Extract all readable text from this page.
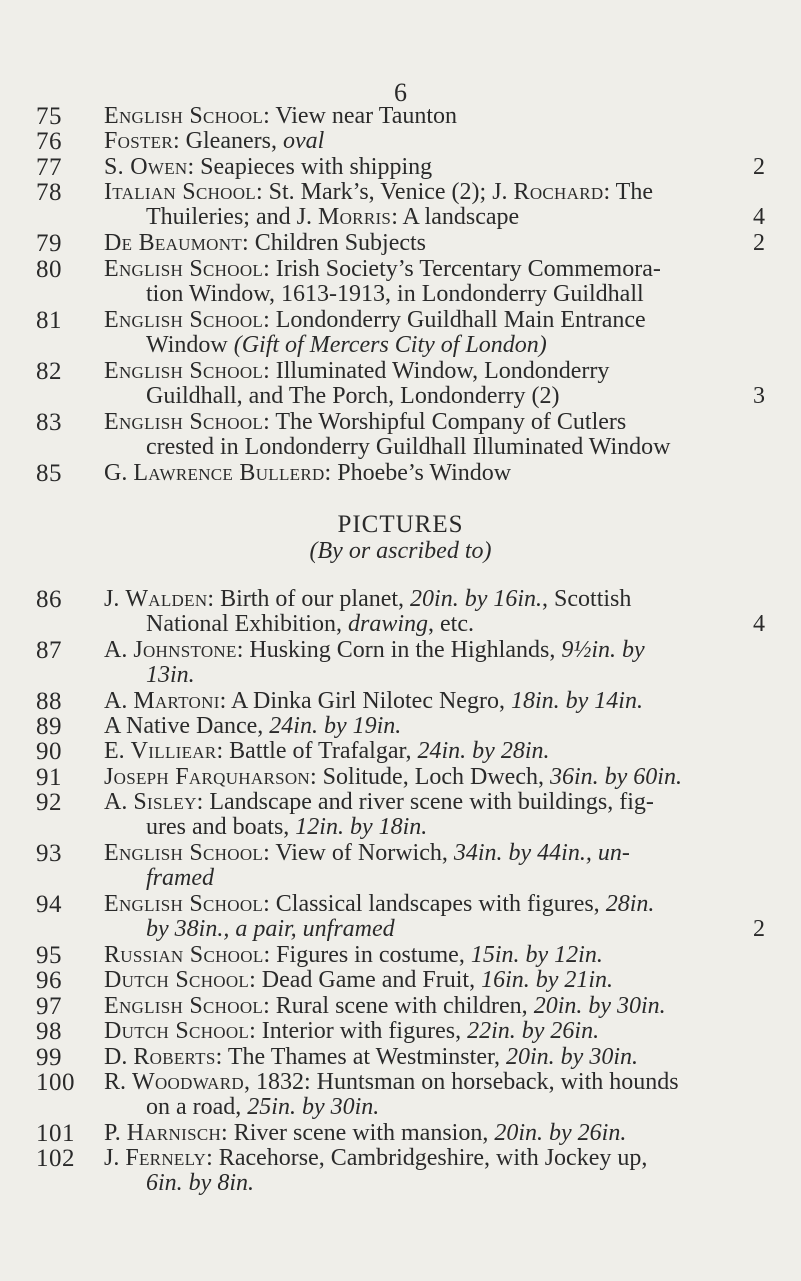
6
75	English School: View near Taunton
76	Foster: Gleaners, oval
77	S. Owen: Seapieces with shipping	2
78	Italian School: St. Mark’s, Venice (2); J. Rochard: The
Thuileries; and J. Morris: A landscape	4
79	De Beaumont: Children Subjects	2
80	English School: Irish Society’s Tercentary Commemora-
tion Window, 1613-1913, in Londonderry Guildhall
81	English School: Londonderry Guildhall Main Entrance
Window (Gift of Mercers City of London)
82	English School: Illuminated Window, Londonderry
Guildhall, and The Porch, Londonderry (2)	3
83	English School: The Worshipful Company of Cutlers
crested in Londonderry Guildhall Illuminated Window
85	G. Lawrence Bullerd: Phoebe’s Window
PICTURES
(By or ascribed to)
86	J. Walden: Birth of our planet, 20in. by 16in., Scottish
National Exhibition, drawing, etc.	4
87	A. Johnstone: Husking Corn in the Highlands, 9½in. by
13in.
88	A. Martoni: A Dinka Girl Nilotec Negro, 18in. by 14in.
89	A Native Dance, 24in. by 19in.
90	E. Villiear: Battle of Trafalgar, 24in. by 28in.
91	Joseph Farquharson: Solitude, Loch Dwech, 36in. by 60in.
92	A. Sisley: Landscape and river scene with buildings, fig-
ures and boats, 12in. by 18in.
93	English School: View of Norwich, 34in. by 44in., un-
framed
94	English School: Classical landscapes with figures, 28in.
by 38in., a pair, unframed	2
95	Russian School: Figures in costume, 15in. by 12in.
96	Dutch School: Dead Game and Fruit, 16in. by 21in.
97	English School: Rural scene with children, 20in. by 30in.
98	Dutch School: Interior with figures, 22in. by 26in.
99	D. Roberts: The Thames at Westminster, 20in. by 30in.
100	R. Woodward, 1832: Huntsman on horseback, with hounds
on a road, 25in. by 30in.
101	P. Harnisch: River scene with mansion, 20in. by 26in.
102	J. Fernely: Racehorse, Cambridgeshire, with Jockey up,
6in. by 8in.
